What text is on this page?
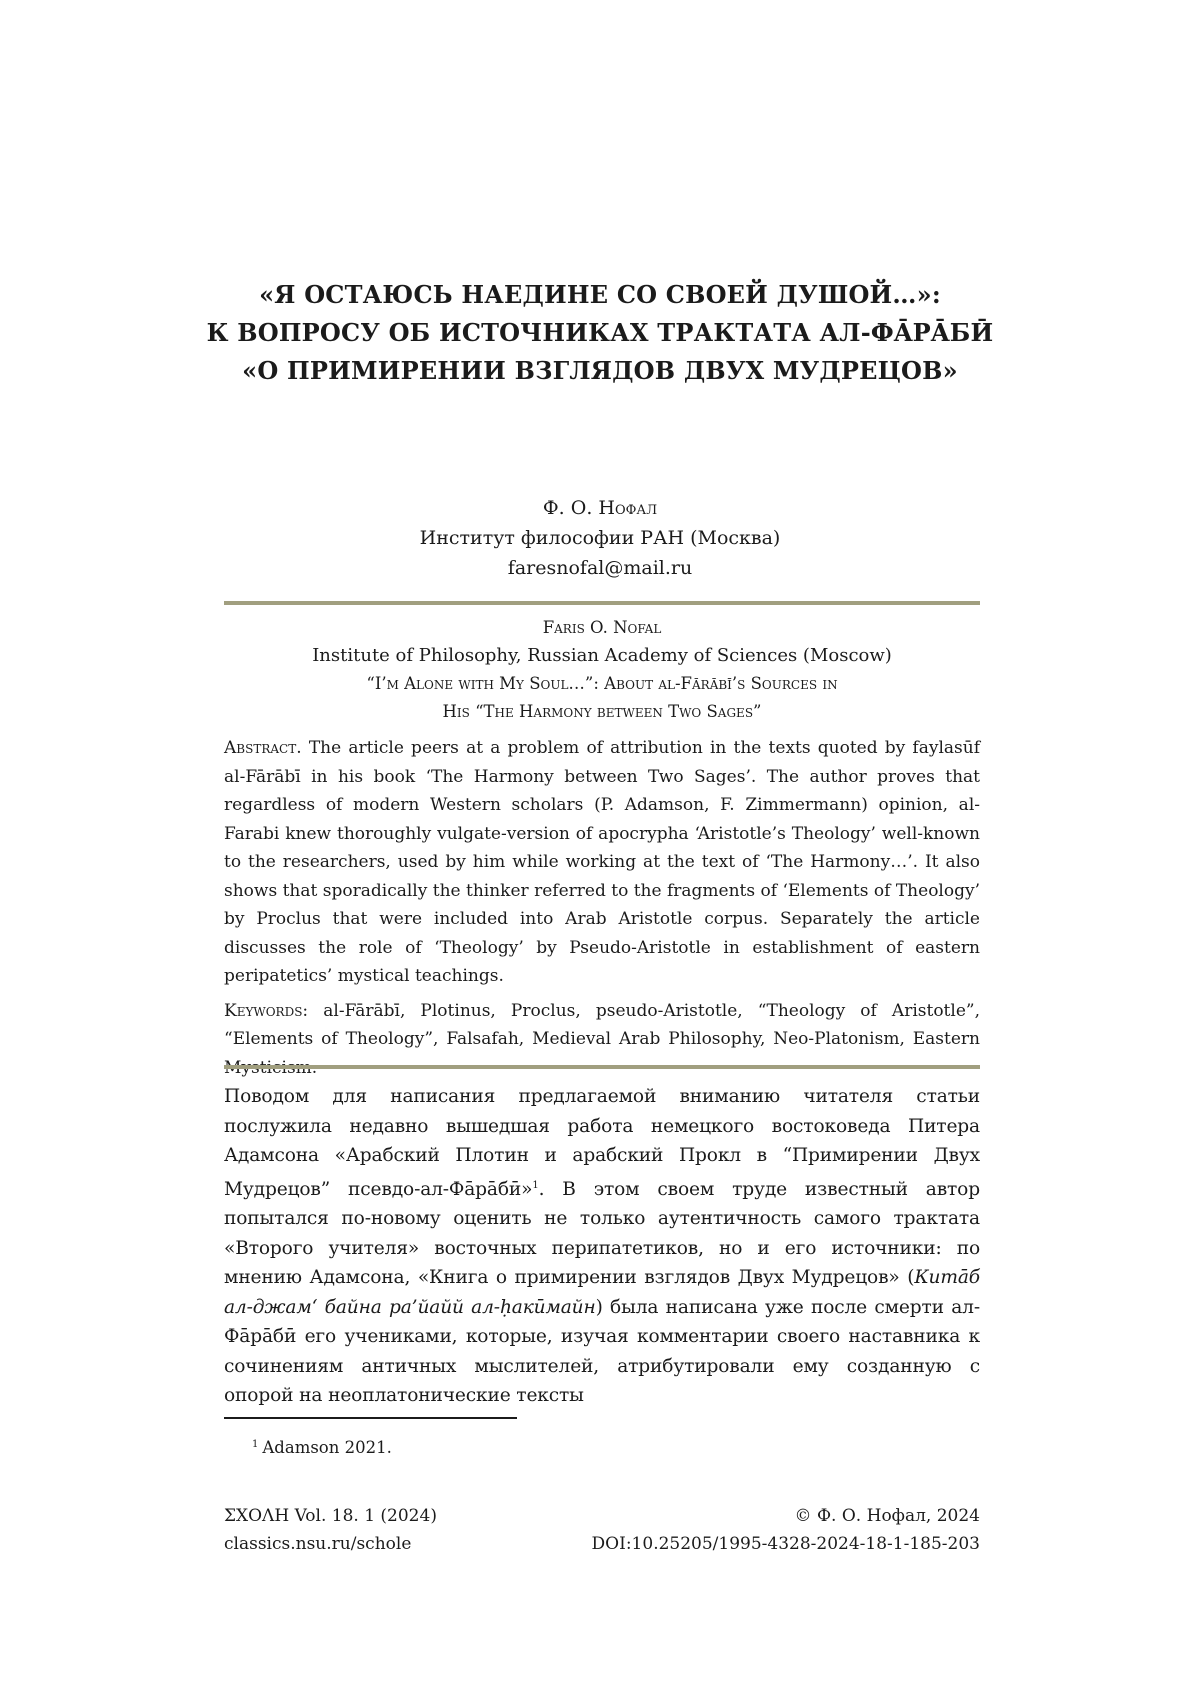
«Я ОСТАЮСЬ НАЕДИНЕ СО СВОЕЙ ДУШОЙ…»:
К ВОПРОСУ ОБ ИСТОЧНИКАХ ТРАКТАТА АЛ-ФĀРĀБӢ
«О ПРИМИРЕНИИ ВЗГЛЯДОВ ДВУХ МУДРЕЦОВ»
Ф. О. Нофал
Институт философии РАН (Москва)
faresnofal@mail.ru
Faris O. Nofal
Institute of Philosophy, Russian Academy of Sciences (Moscow)
“I’m Alone with My Soul…”: About al-Fārābī’s Sources in
His “The Harmony between Two Sages”

Abstract. The article peers at a problem of attribution in the texts quoted by faylasūf al-Fārābī in his book ‘The Harmony between Two Sages’. The author proves that regardless of modern Western scholars (P. Adamson, F. Zimmermann) opinion, al-Farabi knew thoroughly vulgate-version of apocrypha ‘Aristotle’s Theology’ well-known to the researchers, used by him while working at the text of ‘The Harmony…’. It also shows that sporadically the thinker referred to the fragments of ‘Elements of Theology’ by Proclus that were included into Arab Aristotle corpus. Separately the article discusses the role of ‘Theology’ by Pseudo-Aristotle in establishment of eastern peripatetics’ mystical teachings.

Keywords: al-Fārābī, Plotinus, Proclus, pseudo-Aristotle, “Theology of Aristotle”, “Elements of Theology”, Falsafah, Medieval Arab Philosophy, Neo-Platonism, Eastern

Поводом для написания предлагаемой вниманию читателя статьи послужила недавно вышедшая работа немецкого востоковеда Питера Адамсона «Арабский Плотин и арабский Прокл в “Примирении Двух Мудрецов” псевдо-ал-Фāрāбӣ»1. В этом своем труде известный автор попытался по-новому оценить не только аутентичность самого трактата «Второго учителя» восточных перипатетиков, но и его источники: по мнению Адамсона, «Книга о примирении взглядов Двух Мудрецов» (Китāб ал-джам‘ байна ра’йайй ал-ḥакӣмайн) была написана уже после смерти ал-Фāрāбӣ его учениками, которые, изучая комментарии своего наставника к сочинениям античных мыслителей, атрибутировали ему созданную с опорой на неоплатонические тексты

1 Adamson 2021.
ΣΧΟΛΗ Vol. 18. 1 (2024)
classics.nsu.ru/schole
© Ф. О. Нофал, 2024
DOI:10.25205/1995-4328-2024-18-1-185-203
